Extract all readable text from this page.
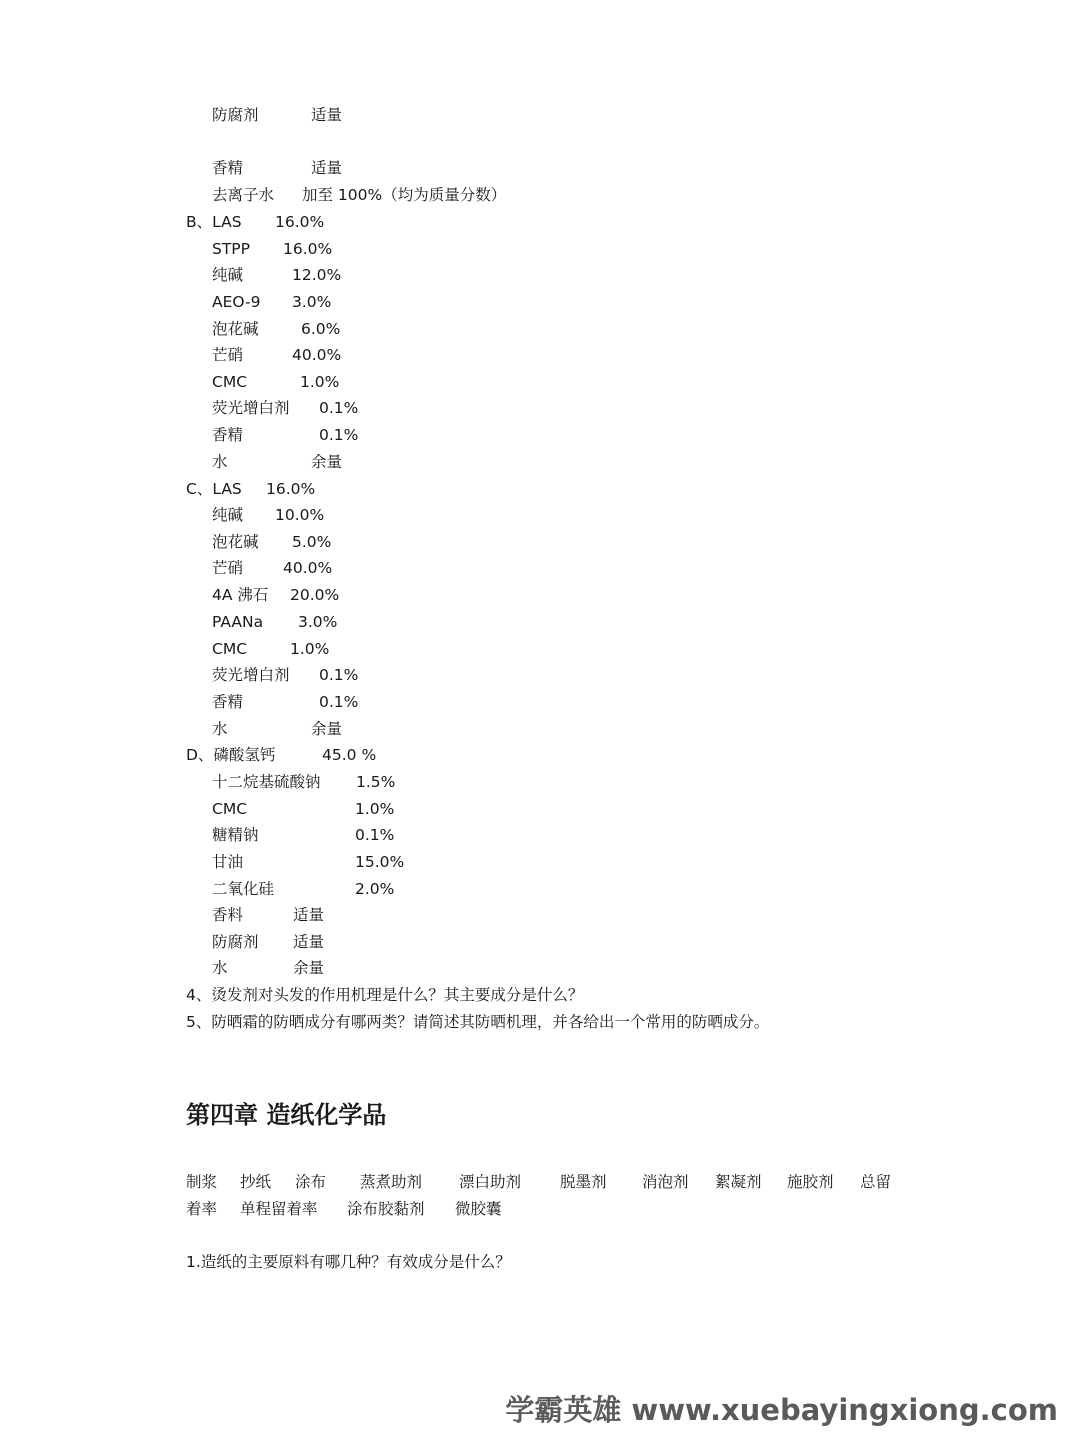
防腐剂	适量
香精	适量
去离子水 加至 100%（均为质量分数）
B、LAS 16.0%
STPP 16.0%
纯碱	12.0%
AEO-9 3.0%
泡花碱	6.0%
芒硝	40.0%
CMC	1.0%
荧光增白剂 0.1%
香精	0.1%
水	余量
C、LAS 16.0%
纯碱 10.0%
泡花碱 5.0%
芒硝	40.0%
4A 沸石 20.0%
PAANa 3.0%
CMC	1.0%
荧光增白剂 0.1%
香精	0.1%
水	余量
D、磷酸氢钙	45.0 %
十二烷基硫酸钠 1.5%
CMC	1.0%
糖精钠	0.1%
甘油	15.0%
二氧化硅	2.0%
香料	适量
防腐剂 适量
水	余量
制浆 抄纸 涂布 蒸煮助剂 漂白助剂	脱墨剂 消泡剂 絮凝剂 施胶剂 总留
着率 单程留着率 涂布胶黏剂 微胶囊
4、烫发剂对头发的作用机理是什么？其主要成分是什么？
5、防晒霜的防晒成分有哪两类？请简述其防晒机理，并各给出一个常用的防晒成分。
第四章 造纸化学品
1.造纸的主要原料有哪几种？有效成分是什么？
学霸英雄 www.xuebayingxiong.com
